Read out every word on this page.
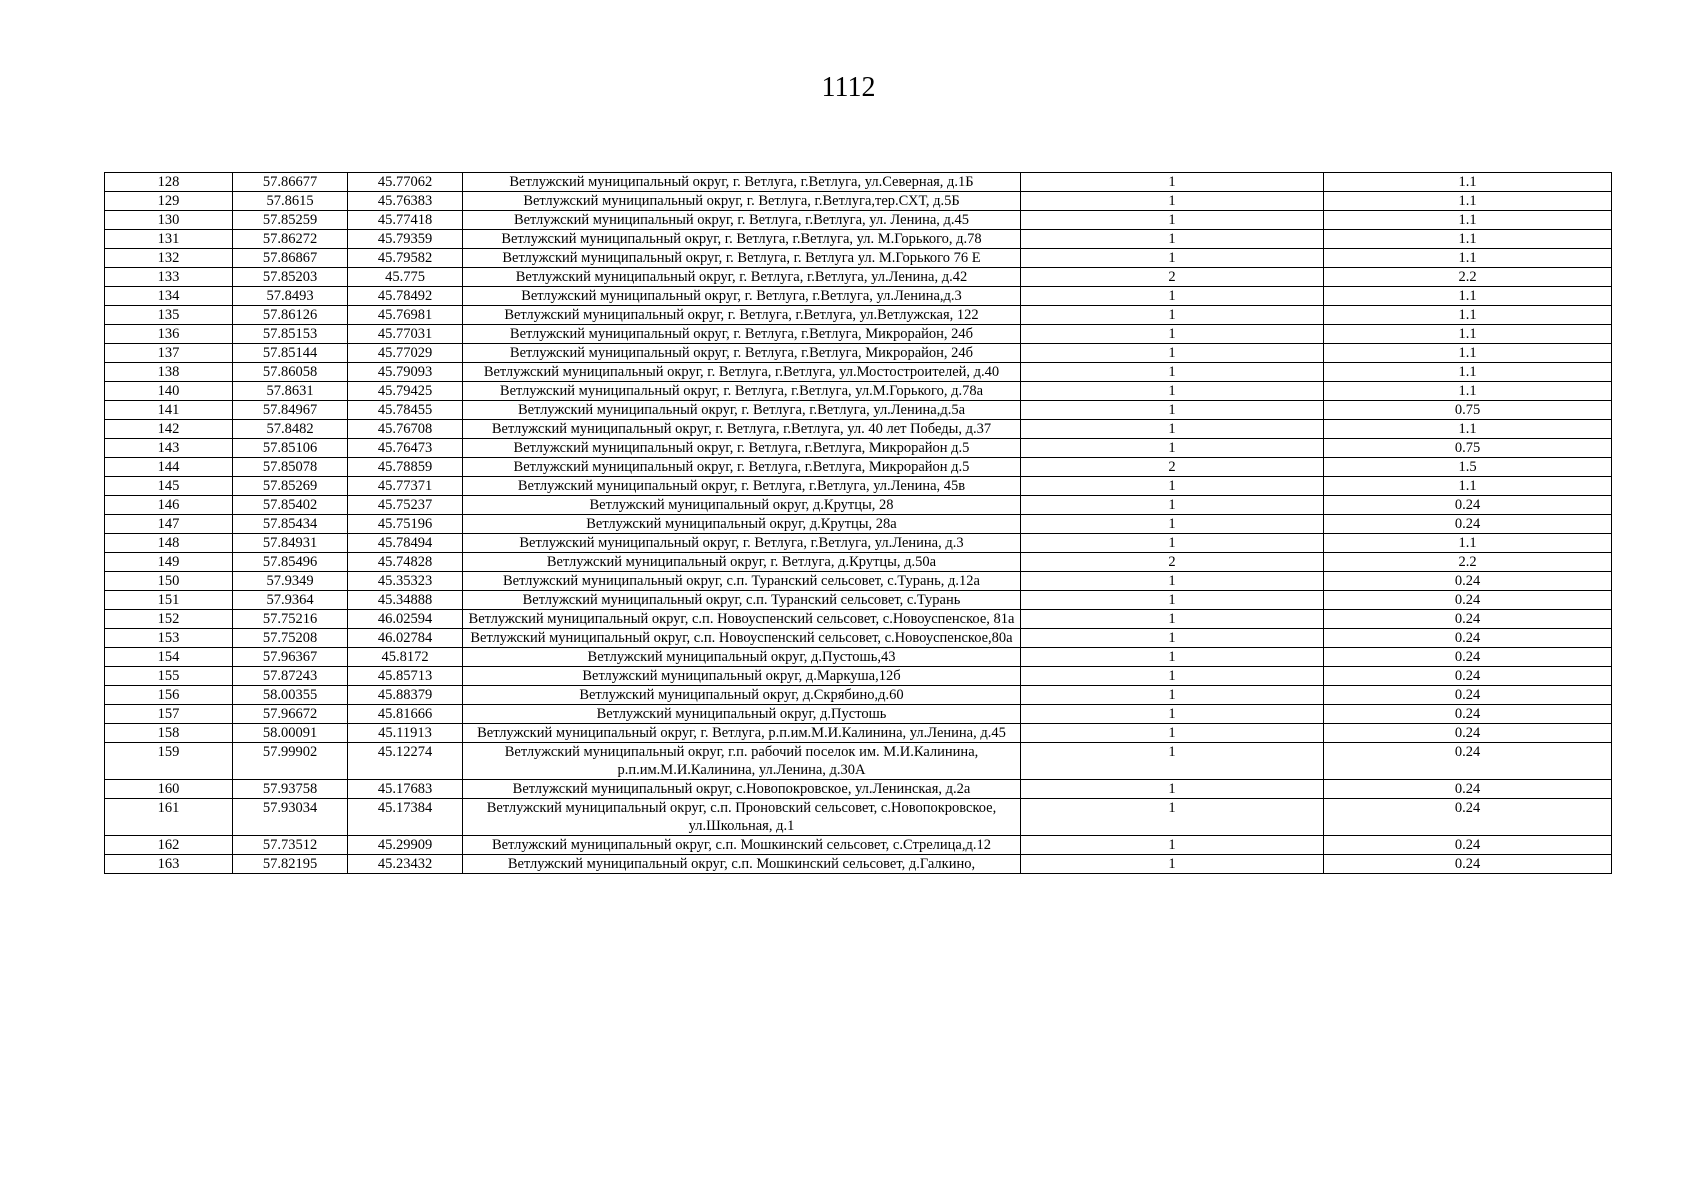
1112
128	57.86677	45.77062	Ветлужский муниципальный округ, г. Ветлуга, г.Ветлуга, ул.Северная, д.1Б	1	1.1
129	57.8615	45.76383	Ветлужский муниципальный округ, г. Ветлуга, г.Ветлуга,тер.СХТ, д.5Б	1	1.1
130	57.85259	45.77418	Ветлужский муниципальный округ, г. Ветлуга, г.Ветлуга, ул. Ленина, д.45	1	1.1
131	57.86272	45.79359	Ветлужский муниципальный округ, г. Ветлуга, г.Ветлуга, ул. М.Горького, д.78	1	1.1
132	57.86867	45.79582	Ветлужский муниципальный округ, г. Ветлуга, г. Ветлуга ул. М.Горького 76 Е	1	1.1
133	57.85203	45.775	Ветлужский муниципальный округ, г. Ветлуга, г.Ветлуга, ул.Ленина, д.42	2	2.2
134	57.8493	45.78492	Ветлужский муниципальный округ, г. Ветлуга, г.Ветлуга, ул.Ленина,д.3	1	1.1
135	57.86126	45.76981	Ветлужский муниципальный округ, г. Ветлуга, г.Ветлуга, ул.Ветлужская, 122	1	1.1
136	57.85153	45.77031	Ветлужский муниципальный округ, г. Ветлуга, г.Ветлуга, Микрорайон, 24б	1	1.1
137	57.85144	45.77029	Ветлужский муниципальный округ, г. Ветлуга, г.Ветлуга, Микрорайон, 24б	1	1.1
138	57.86058	45.79093	Ветлужский муниципальный округ, г. Ветлуга, г.Ветлуга, ул.Мостостроителей, д.40	1	1.1
140	57.8631	45.79425	Ветлужский муниципальный округ, г. Ветлуга, г.Ветлуга, ул.М.Горького, д.78а	1	1.1
141	57.84967	45.78455	Ветлужский муниципальный округ, г. Ветлуга, г.Ветлуга, ул.Ленина,д.5а	1	0.75
142	57.8482	45.76708	Ветлужский муниципальный округ, г. Ветлуга, г.Ветлуга, ул. 40 лет Победы, д.37	1	1.1
143	57.85106	45.76473	Ветлужский муниципальный округ, г. Ветлуга, г.Ветлуга, Микрорайон д.5	1	0.75
144	57.85078	45.78859	Ветлужский муниципальный округ, г. Ветлуга, г.Ветлуга, Микрорайон д.5	2	1.5
145	57.85269	45.77371	Ветлужский муниципальный округ, г. Ветлуга, г.Ветлуга, ул.Ленина, 45в	1	1.1
146	57.85402	45.75237	Ветлужский муниципальный округ, д.Крутцы, 28	1	0.24
147	57.85434	45.75196	Ветлужский муниципальный округ, д.Крутцы, 28а	1	0.24
148	57.84931	45.78494	Ветлужский муниципальный округ, г. Ветлуга, г.Ветлуга, ул.Ленина, д.3	1	1.1
149	57.85496	45.74828	Ветлужский муниципальный округ, г. Ветлуга, д.Крутцы, д.50а	2	2.2
150	57.9349	45.35323	Ветлужский муниципальный округ, с.п. Туранский сельсовет, с.Турань, д.12а	1	0.24
151	57.9364	45.34888	Ветлужский муниципальный округ, с.п. Туранский сельсовет, с.Турань	1	0.24
152	57.75216	46.02594	Ветлужский муниципальный округ, с.п. Новоуспенский сельсовет, с.Новоуспенское, 81а	1	0.24
153	57.75208	46.02784	Ветлужский муниципальный округ, с.п. Новоуспенский сельсовет, с.Новоуспенское,80а	1	0.24
154	57.96367	45.8172	Ветлужский муниципальный округ, д.Пустошь,43	1	0.24
155	57.87243	45.85713	Ветлужский муниципальный округ, д.Маркуша,12б	1	0.24
156	58.00355	45.88379	Ветлужский муниципальный округ, д.Скрябино,д.60	1	0.24
157	57.96672	45.81666	Ветлужский муниципальный округ, д.Пустошь	1	0.24
158	58.00091	45.11913	Ветлужский муниципальный округ, г. Ветлуга, р.п.им.М.И.Калинина, ул.Ленина, д.45	1	0.24
159	57.99902	45.12274	Ветлужский муниципальный округ, г.п. рабочий поселок им. М.И.Калинина, р.п.им.М.И.Калинина, ул.Ленина, д.30А	1	0.24
160	57.93758	45.17683	Ветлужский муниципальный округ, с.Новопокровское, ул.Ленинская, д.2а	1	0.24
161	57.93034	45.17384	Ветлужский муниципальный округ, с.п. Проновский сельсовет, с.Новопокровское, ул.Школьная, д.1	1	0.24
162	57.73512	45.29909	Ветлужский муниципальный округ, с.п. Мошкинский сельсовет, с.Стрелица,д.12	1	0.24
163	57.82195	45.23432	Ветлужский муниципальный округ, с.п. Мошкинский сельсовет, д.Галкино,	1	0.24
